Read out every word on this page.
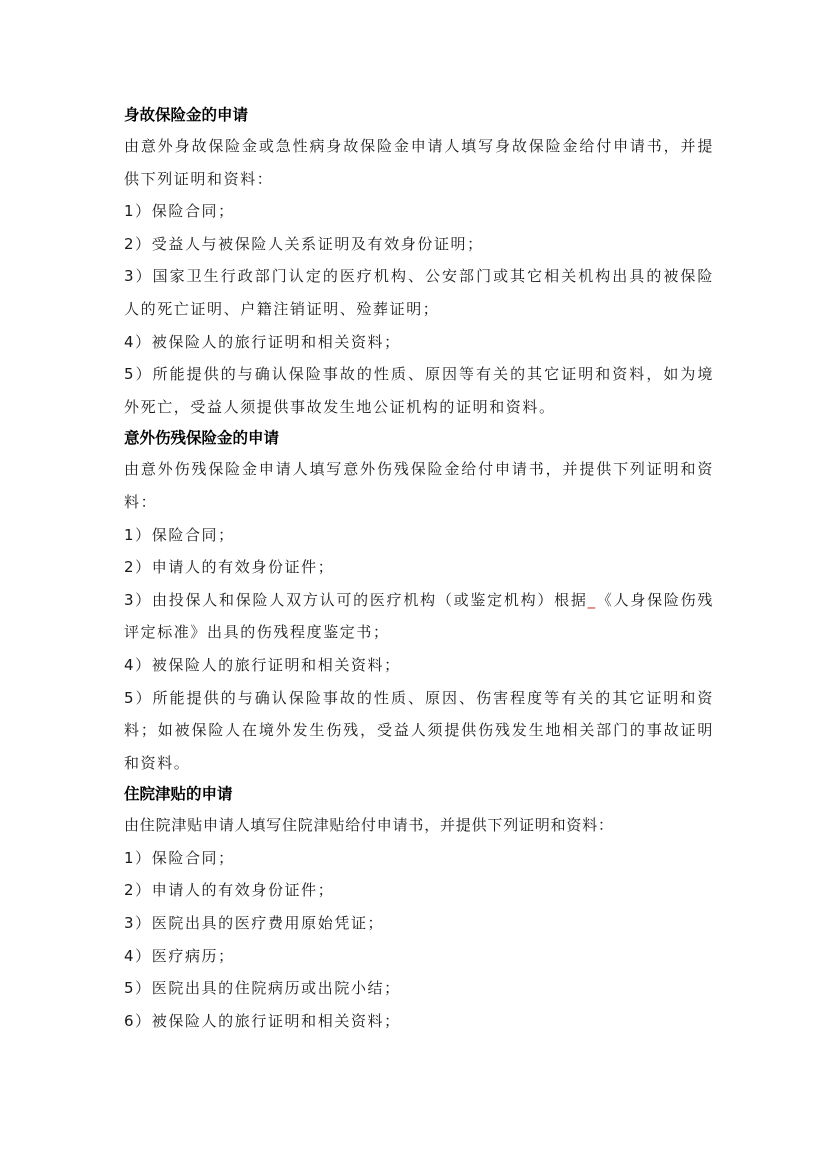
身故保险金的申请

由意外身故保险金或急性病身故保险金申请人填写身故保险金给付申请书，并提供下列证明和资料：

1）保险合同；

2）受益人与被保险人关系证明及有效身份证明；

3）国家卫生行政部门认定的医疗机构、公安部门或其它相关机构出具的被保险人的死亡证明、户籍注销证明、殓葬证明；

4）被保险人的旅行证明和相关资料；

5）所能提供的与确认保险事故的性质、原因等有关的其它证明和资料，如为境外死亡，受益人须提供事故发生地公证机构的证明和资料。

意外伤残保险金的申请

由意外伤残保险金申请人填写意外伤残保险金给付申请书，并提供下列证明和资料：

1）保险合同；

2）申请人的有效身份证件；

3）由投保人和保险人双方认可的医疗机构（或鉴定机构）根据_《人身保险伤残评定标准》出具的伤残程度鉴定书；

4）被保险人的旅行证明和相关资料；

5）所能提供的与确认保险事故的性质、原因、伤害程度等有关的其它证明和资料；如被保险人在境外发生伤残，受益人须提供伤残发生地相关部门的事故证明和资料。

住院津贴的申请

由住院津贴申请人填写住院津贴给付申请书，并提供下列证明和资料：

1）保险合同；

2）申请人的有效身份证件；

3）医院出具的医疗费用原始凭证；

4）医疗病历；

5）医院出具的住院病历或出院小结；

6）被保险人的旅行证明和相关资料；
